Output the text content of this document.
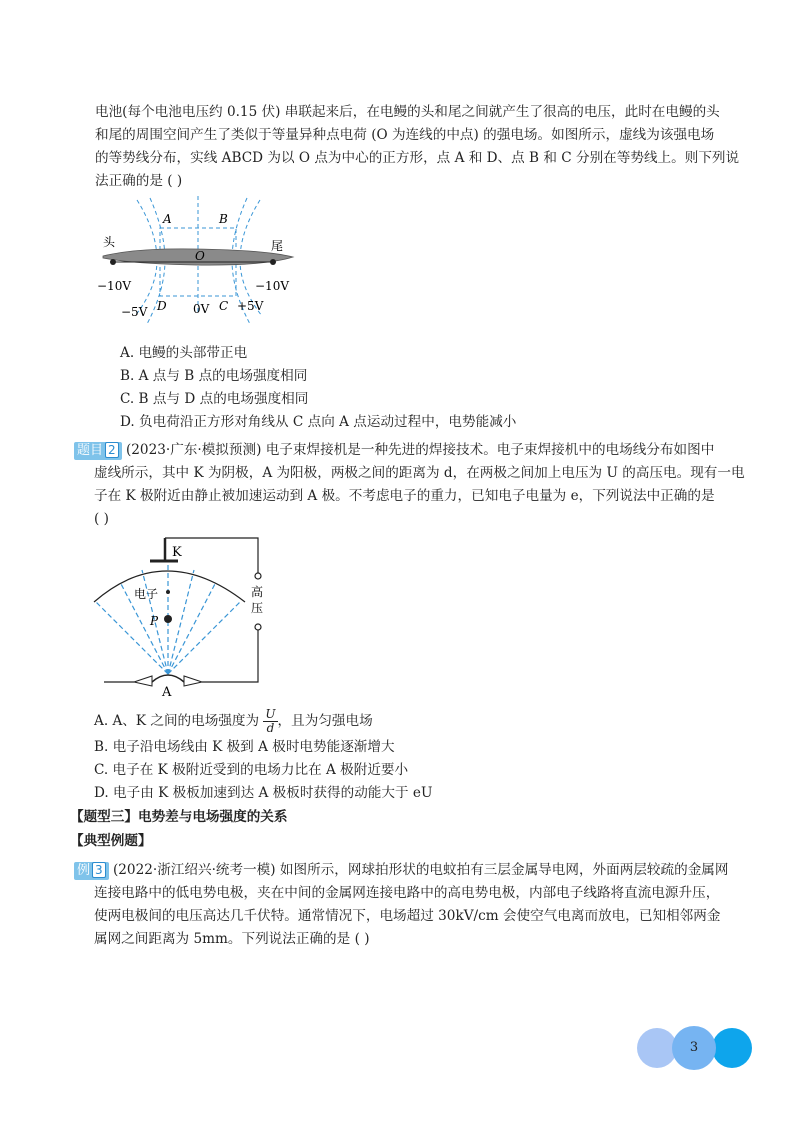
电池(每个电池电压约 0.15 伏) 串联起来后，在电鳗的头和尾之间就产生了很高的电压，此时在电鳗的头
和尾的周围空间产生了类似于等量异种点电荷 (O 为连线的中点) 的强电场。如图所示，虚线为该强电场
的等势线分布，实线 ABCD 为以 O 点为中心的正方形，点 A 和 D、点 B 和 C 分别在等势线上。则下列说
法正确的是 ( )
头	尾
A	B
O
D	C
−10V	−10V
−5V	0V +5V
A. 电鳗的头部带正电
B. A 点与 B 点的电场强度相同
C. B 点与 D 点的电场强度相同
D. 负电荷沿正方形对角线从 C 点向 A 点运动过程中，电势能减小
题目 2 (2023·广东·模拟预测) 电子束焊接机是一种先进的焊接技术。电子束焊接机中的电场线分布如图中
虚线所示，其中 K 为阴极，A 为阳极，两极之间的距离为 d，在两极之间加上电压为 U 的高压电。现有一电
子在 K 极附近由静止被加速运动到 A 极。不考虑电子的重力，已知电子电量为 e，下列说法中正确的是
( )
K
高
压
电子
P
A
A. A、K 之间的电场强度为 $\frac{U}{d}$ ，且为匀强电场
B. 电子沿电场线由 K 极到 A 极时电势能逐渐增大
C. 电子在 K 极附近受到的电场力比在 A 极附近要小
D. 电子由 K 极板加速到达 A 极板时获得的动能大于 eU
【题型三】电势差与电场强度的关系
【典型例题】
例 3 (2022·浙江绍兴·统考一模) 如图所示，网球拍形状的电蚊拍有三层金属导电网，外面两层较疏的金属网
连接电路中的低电势电极，夹在中间的金属网连接电路中的高电势电极，内部电子线路将直流电源升压，
使两电极间的电压高达几千伏特。通常情况下，电场超过 30kV/cm 会使空气电离而放电，已知相邻两金
属网之间距离为 5mm。下列说法正确的是 ( )
3
